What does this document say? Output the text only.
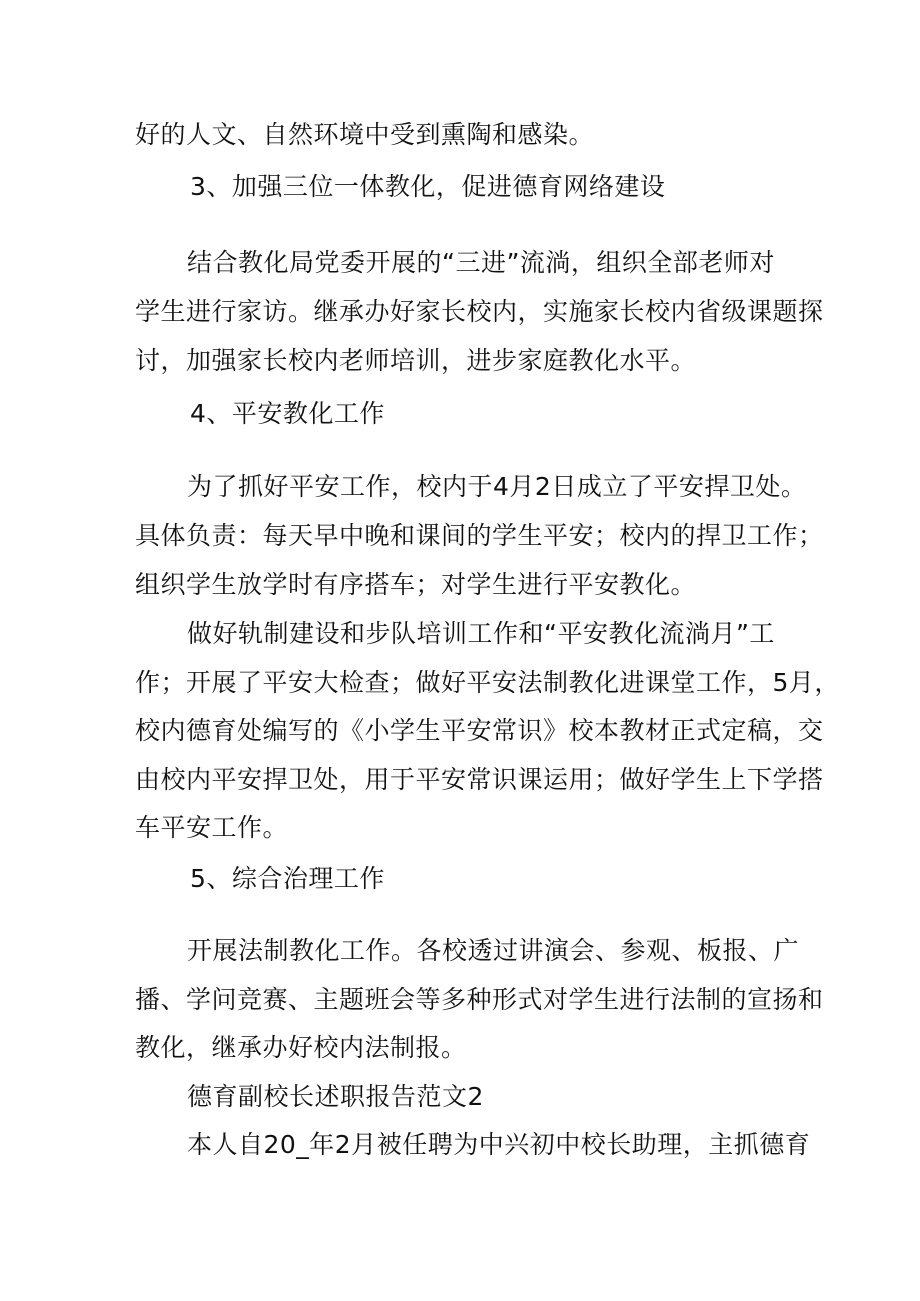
好的人文、自然环境中受到熏陶和感染。

3、加强三位一体教化，促进德育网络建设

结合教化局党委开展的“三进”流淌，组织全部老师对

学生进行家访。继承办好家长校内，实施家长校内省级课题探

讨，加强家长校内老师培训，进步家庭教化水平。

4、平安教化工作

为了抓好平安工作，校内于4月2日成立了平安捍卫处。

具体负责：每天早中晚和课间的学生平安；校内的捍卫工作；

组织学生放学时有序搭车；对学生进行平安教化。

做好轨制建设和步队培训工作和“平安教化流淌月”工

作；开展了平安大检查；做好平安法制教化进课堂工作，5月，

校内德育处编写的《小学生平安常识》校本教材正式定稿，交

由校内平安捍卫处，用于平安常识课运用；做好学生上下学搭

车平安工作。

5、综合治理工作

开展法制教化工作。各校透过讲演会、参观、板报、广

播、学问竞赛、主题班会等多种形式对学生进行法制的宣扬和

教化，继承办好校内法制报。

德育副校长述职报告范文2

本人自20_年2月被任聘为中兴初中校长助理，主抓德育
